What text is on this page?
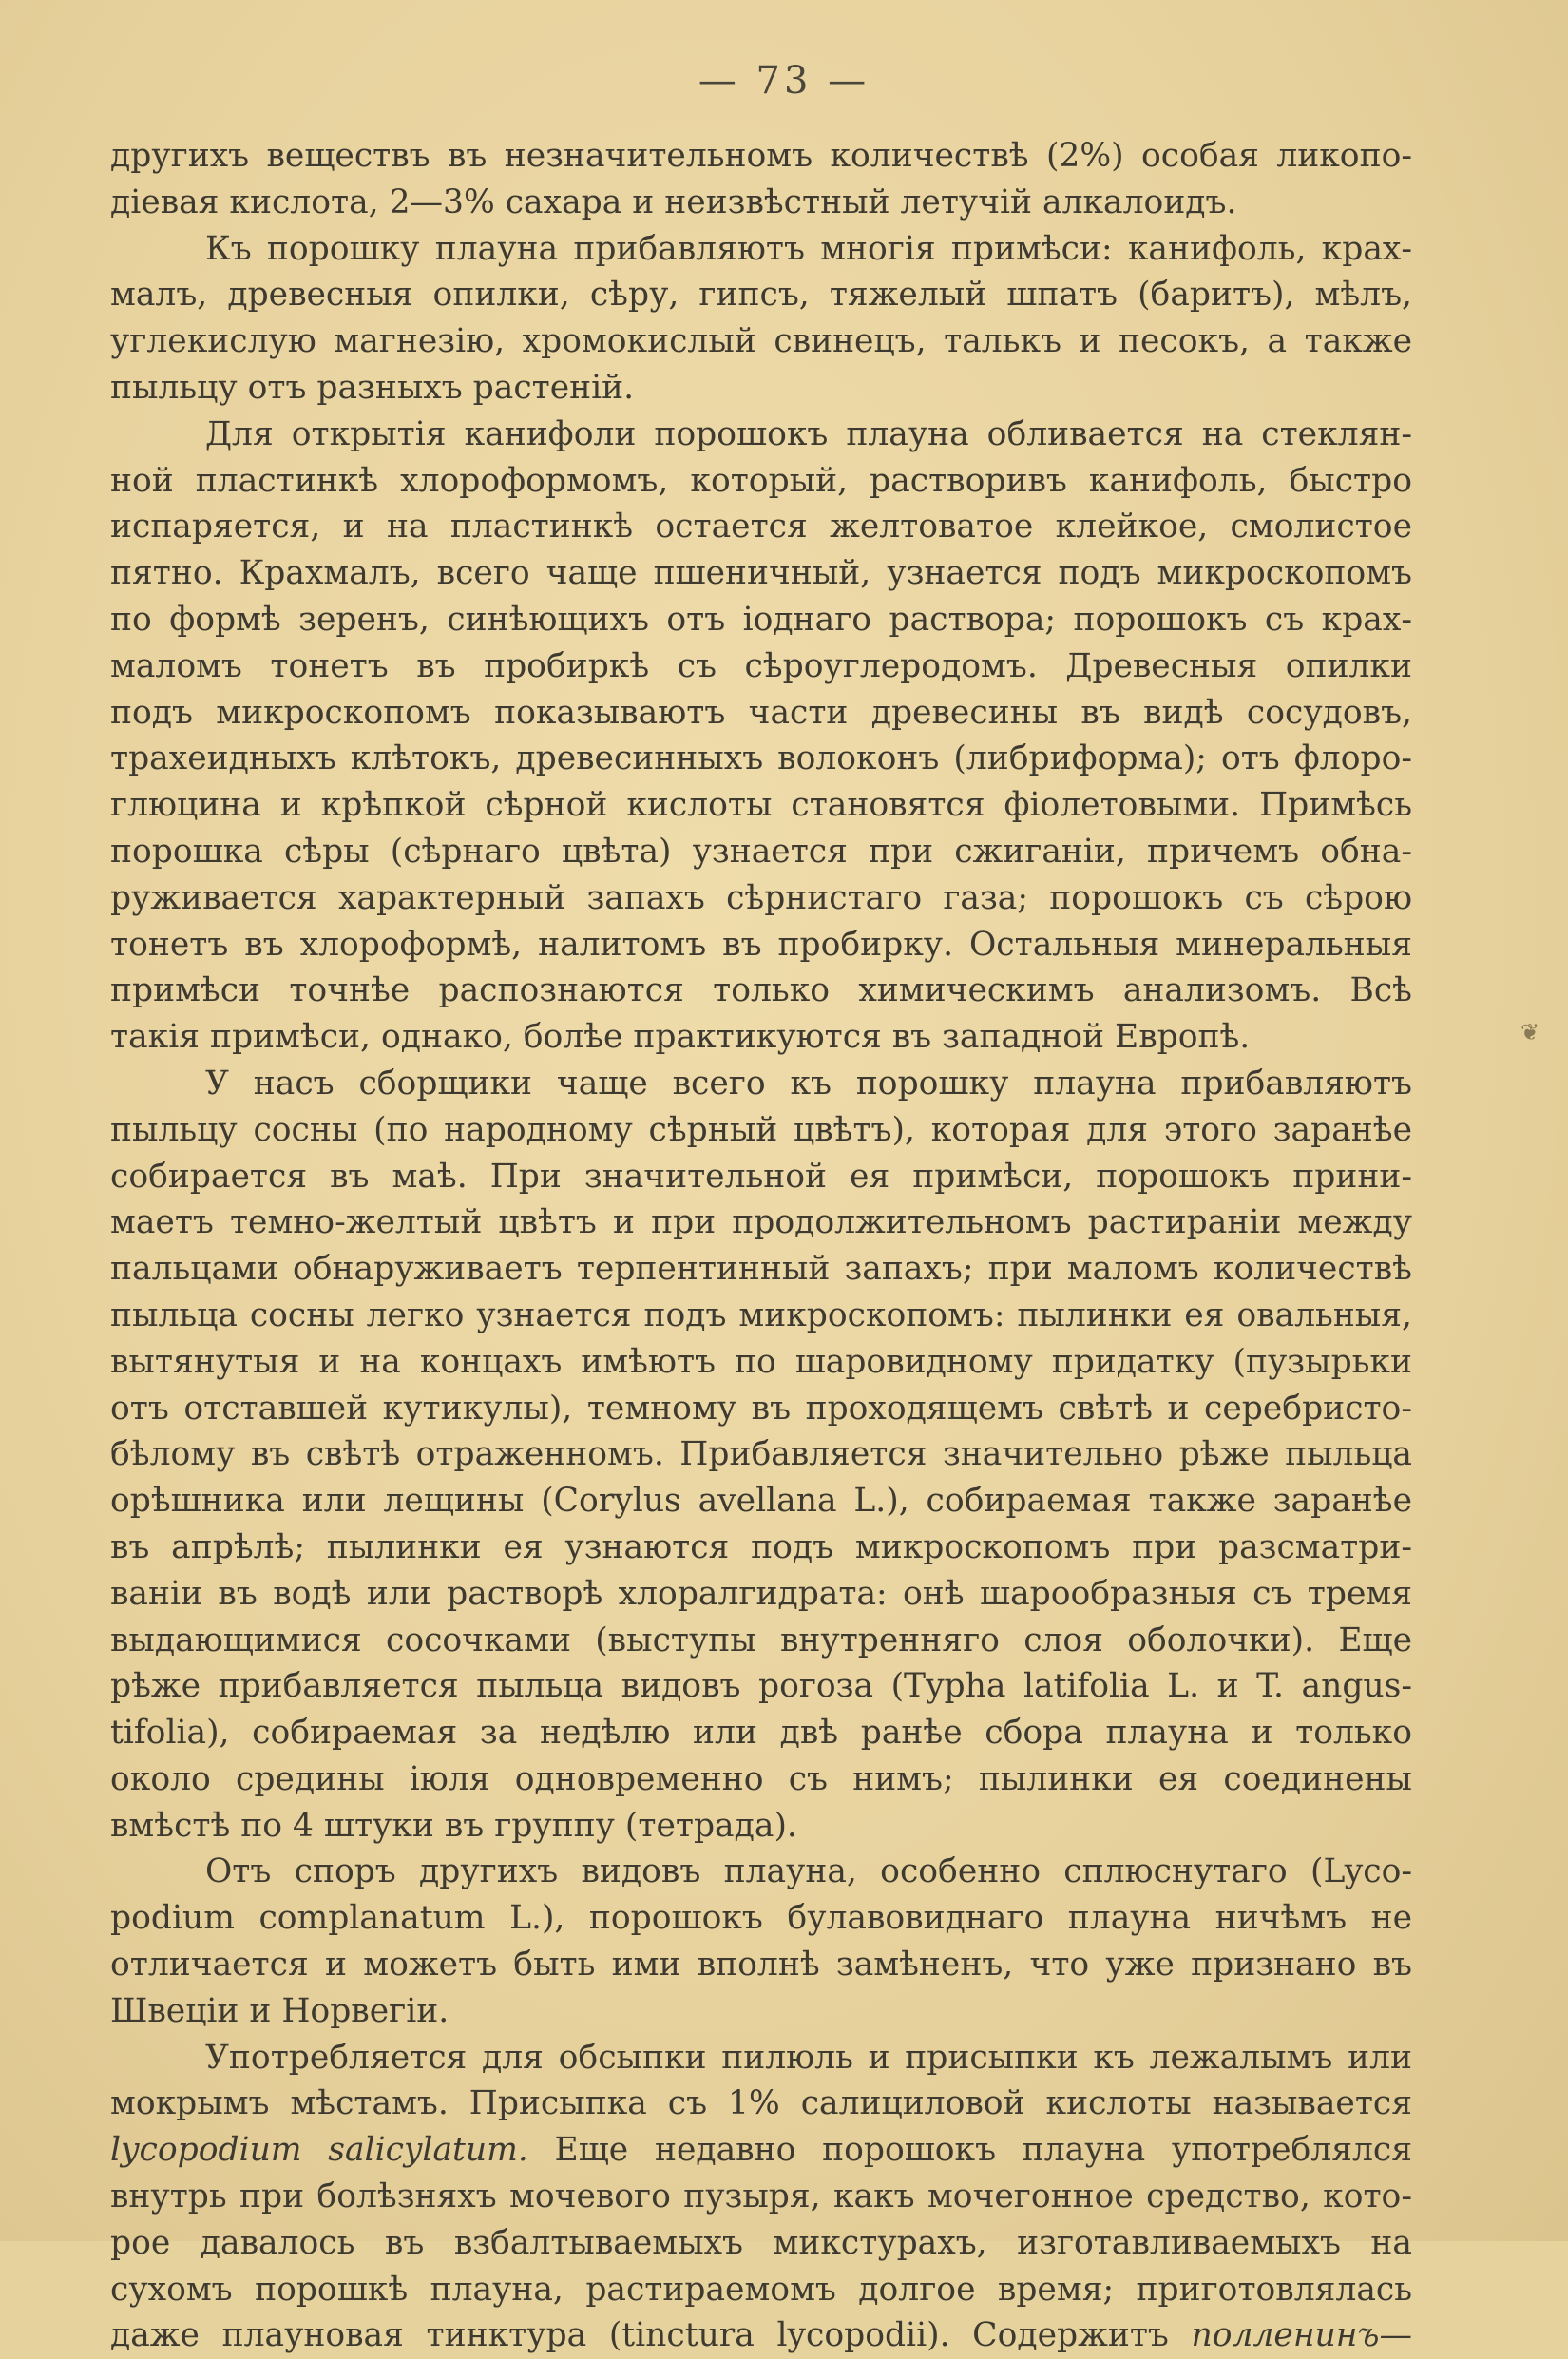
— 73 —
другихъ веществъ въ незначительномъ количествѣ (2%) особая ликопо-
діевая кислота, 2—3% сахара и неизвѣстный летучій алкалоидъ.
Къ порошку плауна прибавляютъ многія примѣси: канифоль, крах-
малъ, древесныя опилки, сѣру, гипсъ, тяжелый шпатъ (баритъ), мѣлъ,
углекислую магнезію, хромокислый свинецъ, талькъ и песокъ, а также
пыльцу отъ разныхъ растеній.
Для открытія канифоли порошокъ плауна обливается на стеклян-
ной пластинкѣ хлороформомъ, который, растворивъ канифоль, быстро
испаряется, и на пластинкѣ остается желтоватое клейкое, смолистое
пятно. Крахмалъ, всего чаще пшеничный, узнается подъ микроскопомъ
по формѣ зеренъ, синѣющихъ отъ іоднаго раствора; порошокъ съ крах-
маломъ тонетъ въ пробиркѣ съ сѣроуглеродомъ. Древесныя опилки
подъ микроскопомъ показываютъ части древесины въ видѣ сосудовъ,
трахеидныхъ клѣтокъ, древесинныхъ волоконъ (либриформа); отъ флоро-
глюцина и крѣпкой сѣрной кислоты становятся фіолетовыми. Примѣсь
порошка сѣры (сѣрнаго цвѣта) узнается при сжиганіи, причемъ обна-
руживается характерный запахъ сѣрнистаго газа; порошокъ съ сѣрою
тонетъ въ хлороформѣ, налитомъ въ пробирку. Остальныя минеральныя
примѣси точнѣе распознаются только химическимъ анализомъ. Всѣ
такія примѣси, однако, болѣе практикуются въ западной Европѣ.
У насъ сборщики чаще всего къ порошку плауна прибавляютъ
пыльцу сосны (по народному сѣрный цвѣтъ), которая для этого заранѣе
собирается въ маѣ. При значительной ея примѣси, порошокъ прини-
маетъ темно-желтый цвѣтъ и при продолжительномъ растираніи между
пальцами обнаруживаетъ терпентинный запахъ; при маломъ количествѣ
пыльца сосны легко узнается подъ микроскопомъ: пылинки ея овальныя,
вытянутыя и на концахъ имѣютъ по шаровидному придатку (пузырьки
отъ отставшей кутикулы), темному въ проходящемъ свѣтѣ и серебристо-
бѣлому въ свѣтѣ отраженномъ. Прибавляется значительно рѣже пыльца
орѣшника или лещины (Corylus avellana L.), собираемая также заранѣе
въ апрѣлѣ; пылинки ея узнаются подъ микроскопомъ при разсматри-
ваніи въ водѣ или растворѣ хлоралгидрата: онѣ шарообразныя съ тремя
выдающимися сосочками (выступы внутренняго слоя оболочки). Еще
рѣже прибавляется пыльца видовъ рогоза (Typha latifolia L. и T. angus-
tifolia), собираемая за недѣлю или двѣ ранѣе сбора плауна и только
около средины іюля одновременно съ нимъ; пылинки ея соединены
вмѣстѣ по 4 штуки въ группу (тетрада).
Отъ споръ другихъ видовъ плауна, особенно сплюснутаго (Lyco-
podium complanatum L.), порошокъ булавовиднаго плауна ничѣмъ не
отличается и можетъ быть ими вполнѣ замѣненъ, что уже признано въ
Швеціи и Норвегіи.
Употребляется для обсыпки пилюль и присыпки къ лежалымъ или
мокрымъ мѣстамъ. Присыпка съ 1% салициловой кислоты называется
lycopodium salicylatum. Еще недавно порошокъ плауна употреблялся
внутрь при болѣзняхъ мочевого пузыря, какъ мочегонное средство, кото-
рое давалось въ взбалтываемыхъ микстурахъ, изготавливаемыхъ на
сухомъ порошкѣ плауна, растираемомъ долгое время; приготовлялась
даже плауновая тинктура (tinctura lycopodii). Содержитъ полленинъ—
❦
